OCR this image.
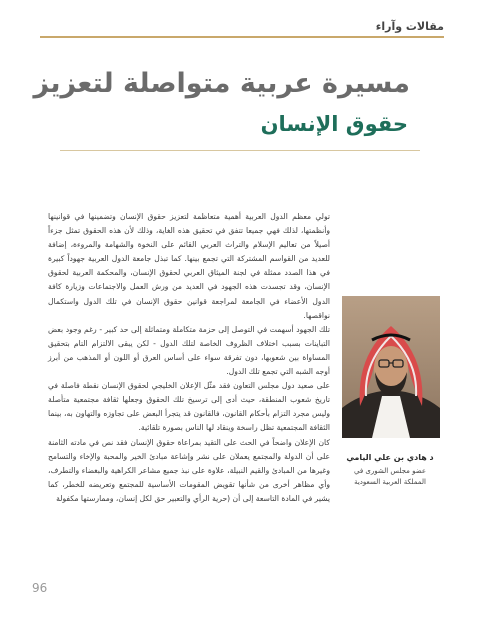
مقالات وآراء
مسيرة عربية متواصلة لتعزيز
حقوق الإنسان

تولي معظم الدول العربية أهمية متعاظمة لتعزيز حقوق الإنسان وتضمينها في قوانينها وأنظمتها، لذلك فهي جميعا تتفق في تحقيق هذه الغاية، وذلك لأن هذه الحقوق تمثل جزءاً أصيلاً من تعاليم الإسلام والتراث العربي القائم على النخوة والشهامة والمروءة، إضافة للعديد من القواسم المشتركة التي تجمع بينها. كما تبذل جامعة الدول العربية جهوداً كبيرة في هذا الصدد ممثلة في لجنة الميثاق العربي لحقوق الإنسان، والمحكمة العربية لحقوق الإنسان، وقد تجسدت هذه الجهود في العديد من ورش العمل والاجتماعات وزيارة كافة الدول الأعضاء في الجامعة لمراجعة قوانين حقوق الإنسان في تلك الدول واستكمال نواقصها.

تلك الجهود أسهمت في التوصل إلى حزمة متكاملة ومتماثلة إلى حد كبير - رغم وجود بعض التباينات بسبب اختلاف الظروف الخاصة لتلك الدول - لكن يبقى الالتزام التام بتحقيق المساواة بين شعوبها، دون تفرقة سواء على أساس العرق أو اللون أو المذهب من أبرز أوجه الشبه التي تجمع تلك الدول.

على صعيد دول مجلس التعاون فقد مثّل الإعلان الخليجي لحقوق الإنسان نقطة فاصلة في تاريخ شعوب المنطقة، حيث أدى إلى ترسيخ تلك الحقوق وجعلها ثقافة مجتمعية متأصلة وليس مجرد التزام بأحكام القانون، فالقانون قد يتجرأ البعض على تجاوزه والتهاون به، بينما الثقافة المجتمعية تظل راسخة وينقاد لها الناس بصورة تلقائية.

كان الإعلان واضحاً في الحث على التقيد بمراعاة حقوق الإنسان فقد نص في مادته الثامنة على أن الدولة والمجتمع يعملان على نشر وإشاعة مبادئ الخير والمحبة والإخاء والتسامح وغيرها من المبادئ والقيم النبيلة، علاوة على نبذ جميع مشاعر الكراهية والبغضاء والتطرف، وأي مظاهر أخرى من شأنها تقويض المقومات الأساسية للمجتمع وتعريضه للخطر، كما يشير في المادة التاسعة إلى أن (حرية الرأي والتعبير حق لكل إنسان، وممارستها مكفولة

د هادي بن علي اليامي
عضو مجلس الشورى في
المملكة العربية السعودية
96
